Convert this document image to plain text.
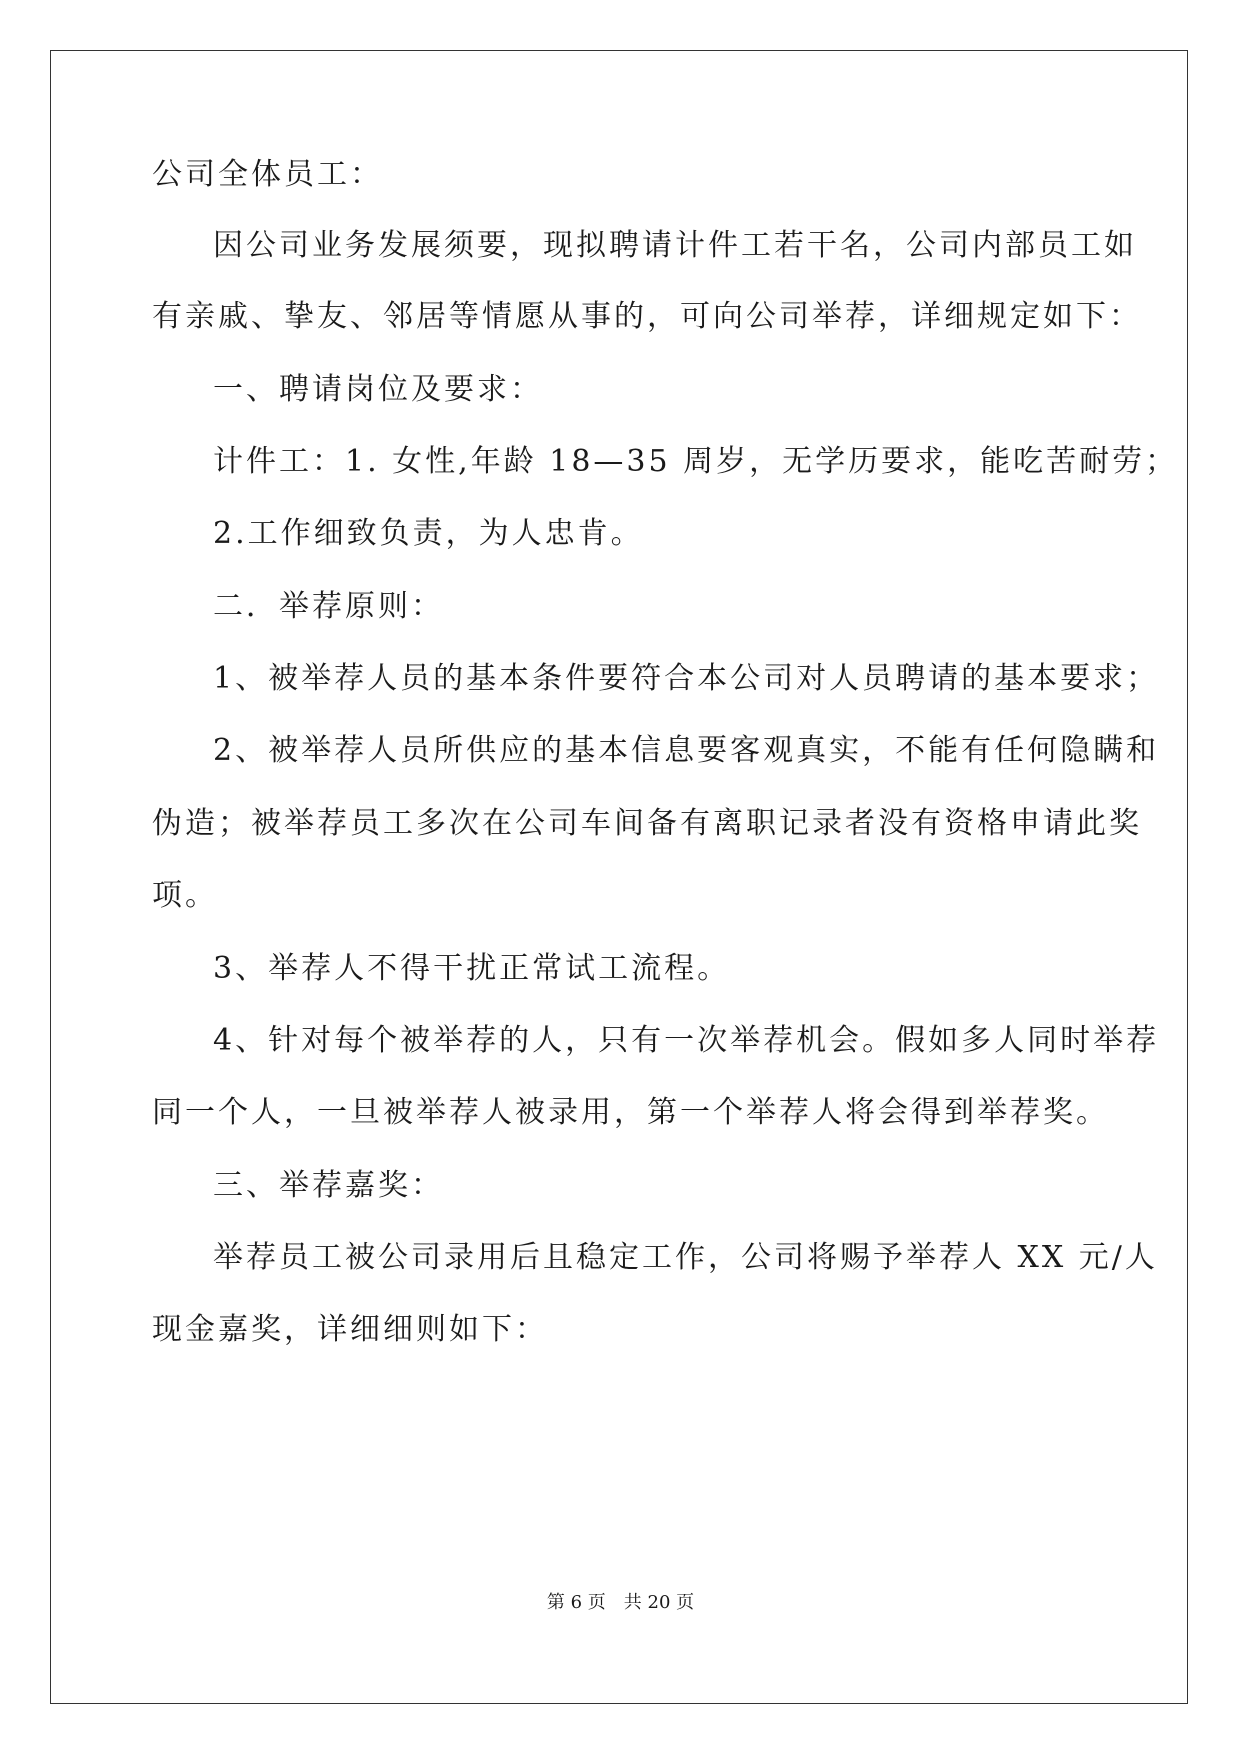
公司全体员工：
因公司业务发展须要，现拟聘请计件工若干名，公司内部员工如
有亲戚、挚友、邻居等情愿从事的，可向公司举荐，详细规定如下：
一、聘请岗位及要求：
计件工：1. 女性,年龄 18—35 周岁，无学历要求，能吃苦耐劳；
2.工作细致负责，为人忠肯。
二．举荐原则：
1、被举荐人员的基本条件要符合本公司对人员聘请的基本要求；
2、被举荐人员所供应的基本信息要客观真实，不能有任何隐瞒和
伪造；被举荐员工多次在公司车间备有离职记录者没有资格申请此奖
项。
3、举荐人不得干扰正常试工流程。
4、针对每个被举荐的人，只有一次举荐机会。假如多人同时举荐
同一个人，一旦被举荐人被录用，第一个举荐人将会得到举荐奖。
三、举荐嘉奖：
举荐员工被公司录用后且稳定工作，公司将赐予举荐人 XX 元/人
现金嘉奖，详细细则如下：
第 6 页　共 20 页
